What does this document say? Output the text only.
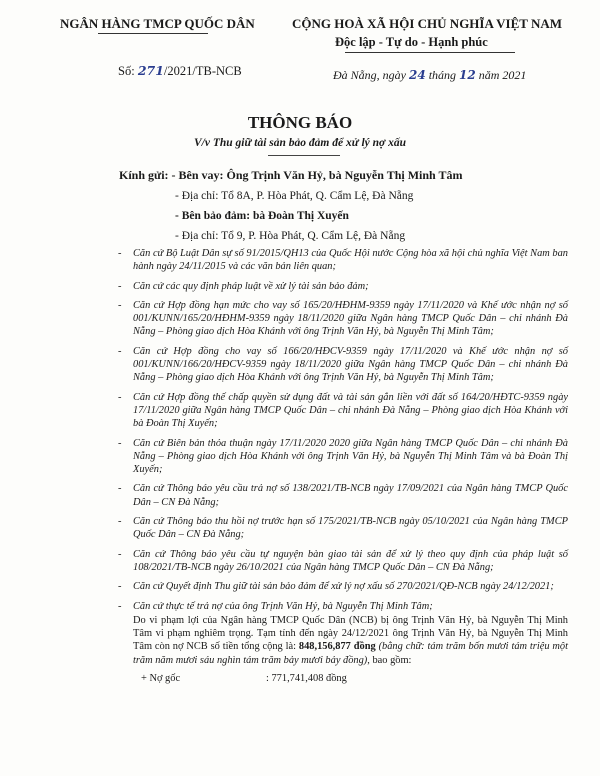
NGÂN HÀNG TMCP QUỐC DÂN	CỘNG HOÀ XÃ HỘI CHỦ NGHĨA VIỆT NAM
Độc lập - Tự do - Hạnh phúc
Số: 271/2021/TB-NCB	Đà Nẵng, ngày 24 tháng 12 năm 2021
THÔNG BÁO
V/v Thu giữ tài sản bảo đảm để xử lý nợ xấu
Kính gửi: - Bên vay: Ông Trịnh Văn Hỷ, bà Nguyễn Thị Minh Tâm
- Địa chỉ: Tổ 8A, P. Hòa Phát, Q. Cẩm Lệ, Đà Nẵng
- Bên bảo đảm: bà Đoàn Thị Xuyến
- Địa chỉ: Tổ 9, P. Hòa Phát, Q. Cẩm Lệ, Đà Nẵng
- Căn cứ Bộ Luật Dân sự số 91/2015/QH13 của Quốc Hội nước Cộng hòa xã hội chủ nghĩa Việt Nam ban hành ngày 24/11/2015 và các văn bản liên quan;
- Căn cứ các quy định pháp luật về xử lý tài sản bảo đảm;
- Căn cứ Hợp đồng hạn mức cho vay số 165/20/HĐHM-9359 ngày 17/11/2020 và Khế ước nhận nợ số 001/KUNN/165/20/HĐHM-9359 ngày 18/11/2020 giữa Ngân hàng TMCP Quốc Dân – chi nhánh Đà Nẵng – Phòng giao dịch Hòa Khánh với ông Trịnh Văn Hỷ, bà Nguyễn Thị Minh Tâm;
- Căn cứ Hợp đồng cho vay số 166/20/HĐCV-9359 ngày 17/11/2020 và Khế ước nhận nợ số 001/KUNN/166/20/HĐCV-9359 ngày 18/11/2020 giữa Ngân hàng TMCP Quốc Dân – chi nhánh Đà Nẵng – Phòng giao dịch Hòa Khánh với ông Trịnh Văn Hỷ, bà Nguyễn Thị Minh Tâm;
- Căn cứ Hợp đồng thế chấp quyền sử dụng đất và tài sản gắn liền với đất số 164/20/HĐTC-9359 ngày 17/11/2020 giữa Ngân hàng TMCP Quốc Dân – chi nhánh Đà Nẵng – Phòng giao dịch Hòa Khánh với bà Đoàn Thị Xuyến;
- Căn cứ Biên bản thỏa thuận ngày 17/11/2020 2020 giữa Ngân hàng TMCP Quốc Dân – chi nhánh Đà Nẵng – Phòng giao dịch Hòa Khánh với ông Trịnh Văn Hỷ, bà Nguyễn Thị Minh Tâm và bà Đoàn Thị Xuyến;
- Căn cứ Thông báo yêu cầu trả nợ số 138/2021/TB-NCB ngày 17/09/2021 của Ngân hàng TMCP Quốc Dân – CN Đà Nẵng;
- Căn cứ Thông báo thu hồi nợ trước hạn số 175/2021/TB-NCB ngày 05/10/2021 của Ngân hàng TMCP Quốc Dân – CN Đà Nẵng;
- Căn cứ Thông báo yêu cầu tự nguyện bàn giao tài sản để xử lý theo quy định của pháp luật số 108/2021/TB-NCB ngày 26/10/2021 của Ngân hàng TMCP Quốc Dân – CN Đà Nẵng;
- Căn cứ Quyết định Thu giữ tài sản bảo đảm để xử lý nợ xấu số 270/2021/QĐ-NCB ngày 24/12/2021;
- Căn cứ thực tế trả nợ của ông Trịnh Văn Hỷ, bà Nguyễn Thị Minh Tâm;
Do vi phạm lợi của Ngân hàng TMCP Quốc Dân (NCB) bị ông Trịnh Văn Hỷ, bà Nguyễn Thị Minh Tâm vi phạm nghiêm trọng. Tạm tính đến ngày 24/12/2021 ông Trịnh Văn Hỷ, bà Nguyễn Thị Minh Tâm còn nợ NCB số tiền tổng cộng là: 848,156,877 đồng (bằng chữ: tám trăm bốn mươi tám triệu một trăm năm mươi sáu nghìn tám trăm bảy mươi bảy đồng), bao gồm:
+ Nợ gốc	: 771,741,408 đồng
